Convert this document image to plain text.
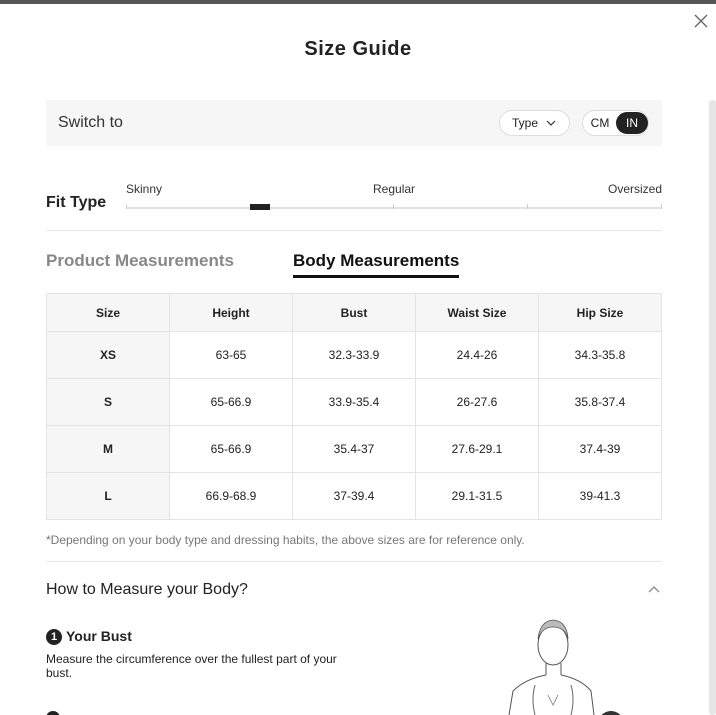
Size Guide
Switch to	Type	CM	IN
Fit Type
Skinny	Regular	Oversized
Product Measurements	Body Measurements
Size	Height	Bust	Waist Size	Hip Size
XS	63-65	32.3-33.9	24.4-26	34.3-35.8
S	65-66.9	33.9-35.4	26-27.6	35.8-37.4
M	65-66.9	35.4-37	27.6-29.1	37.4-39
L	66.9-68.9	37-39.4	29.1-31.5	39-41.3
*Depending on your body type and dressing habits, the above sizes are for reference only.
How to Measure your Body?
1 Your Bust
Measure the circumference over the fullest part of your bust.
